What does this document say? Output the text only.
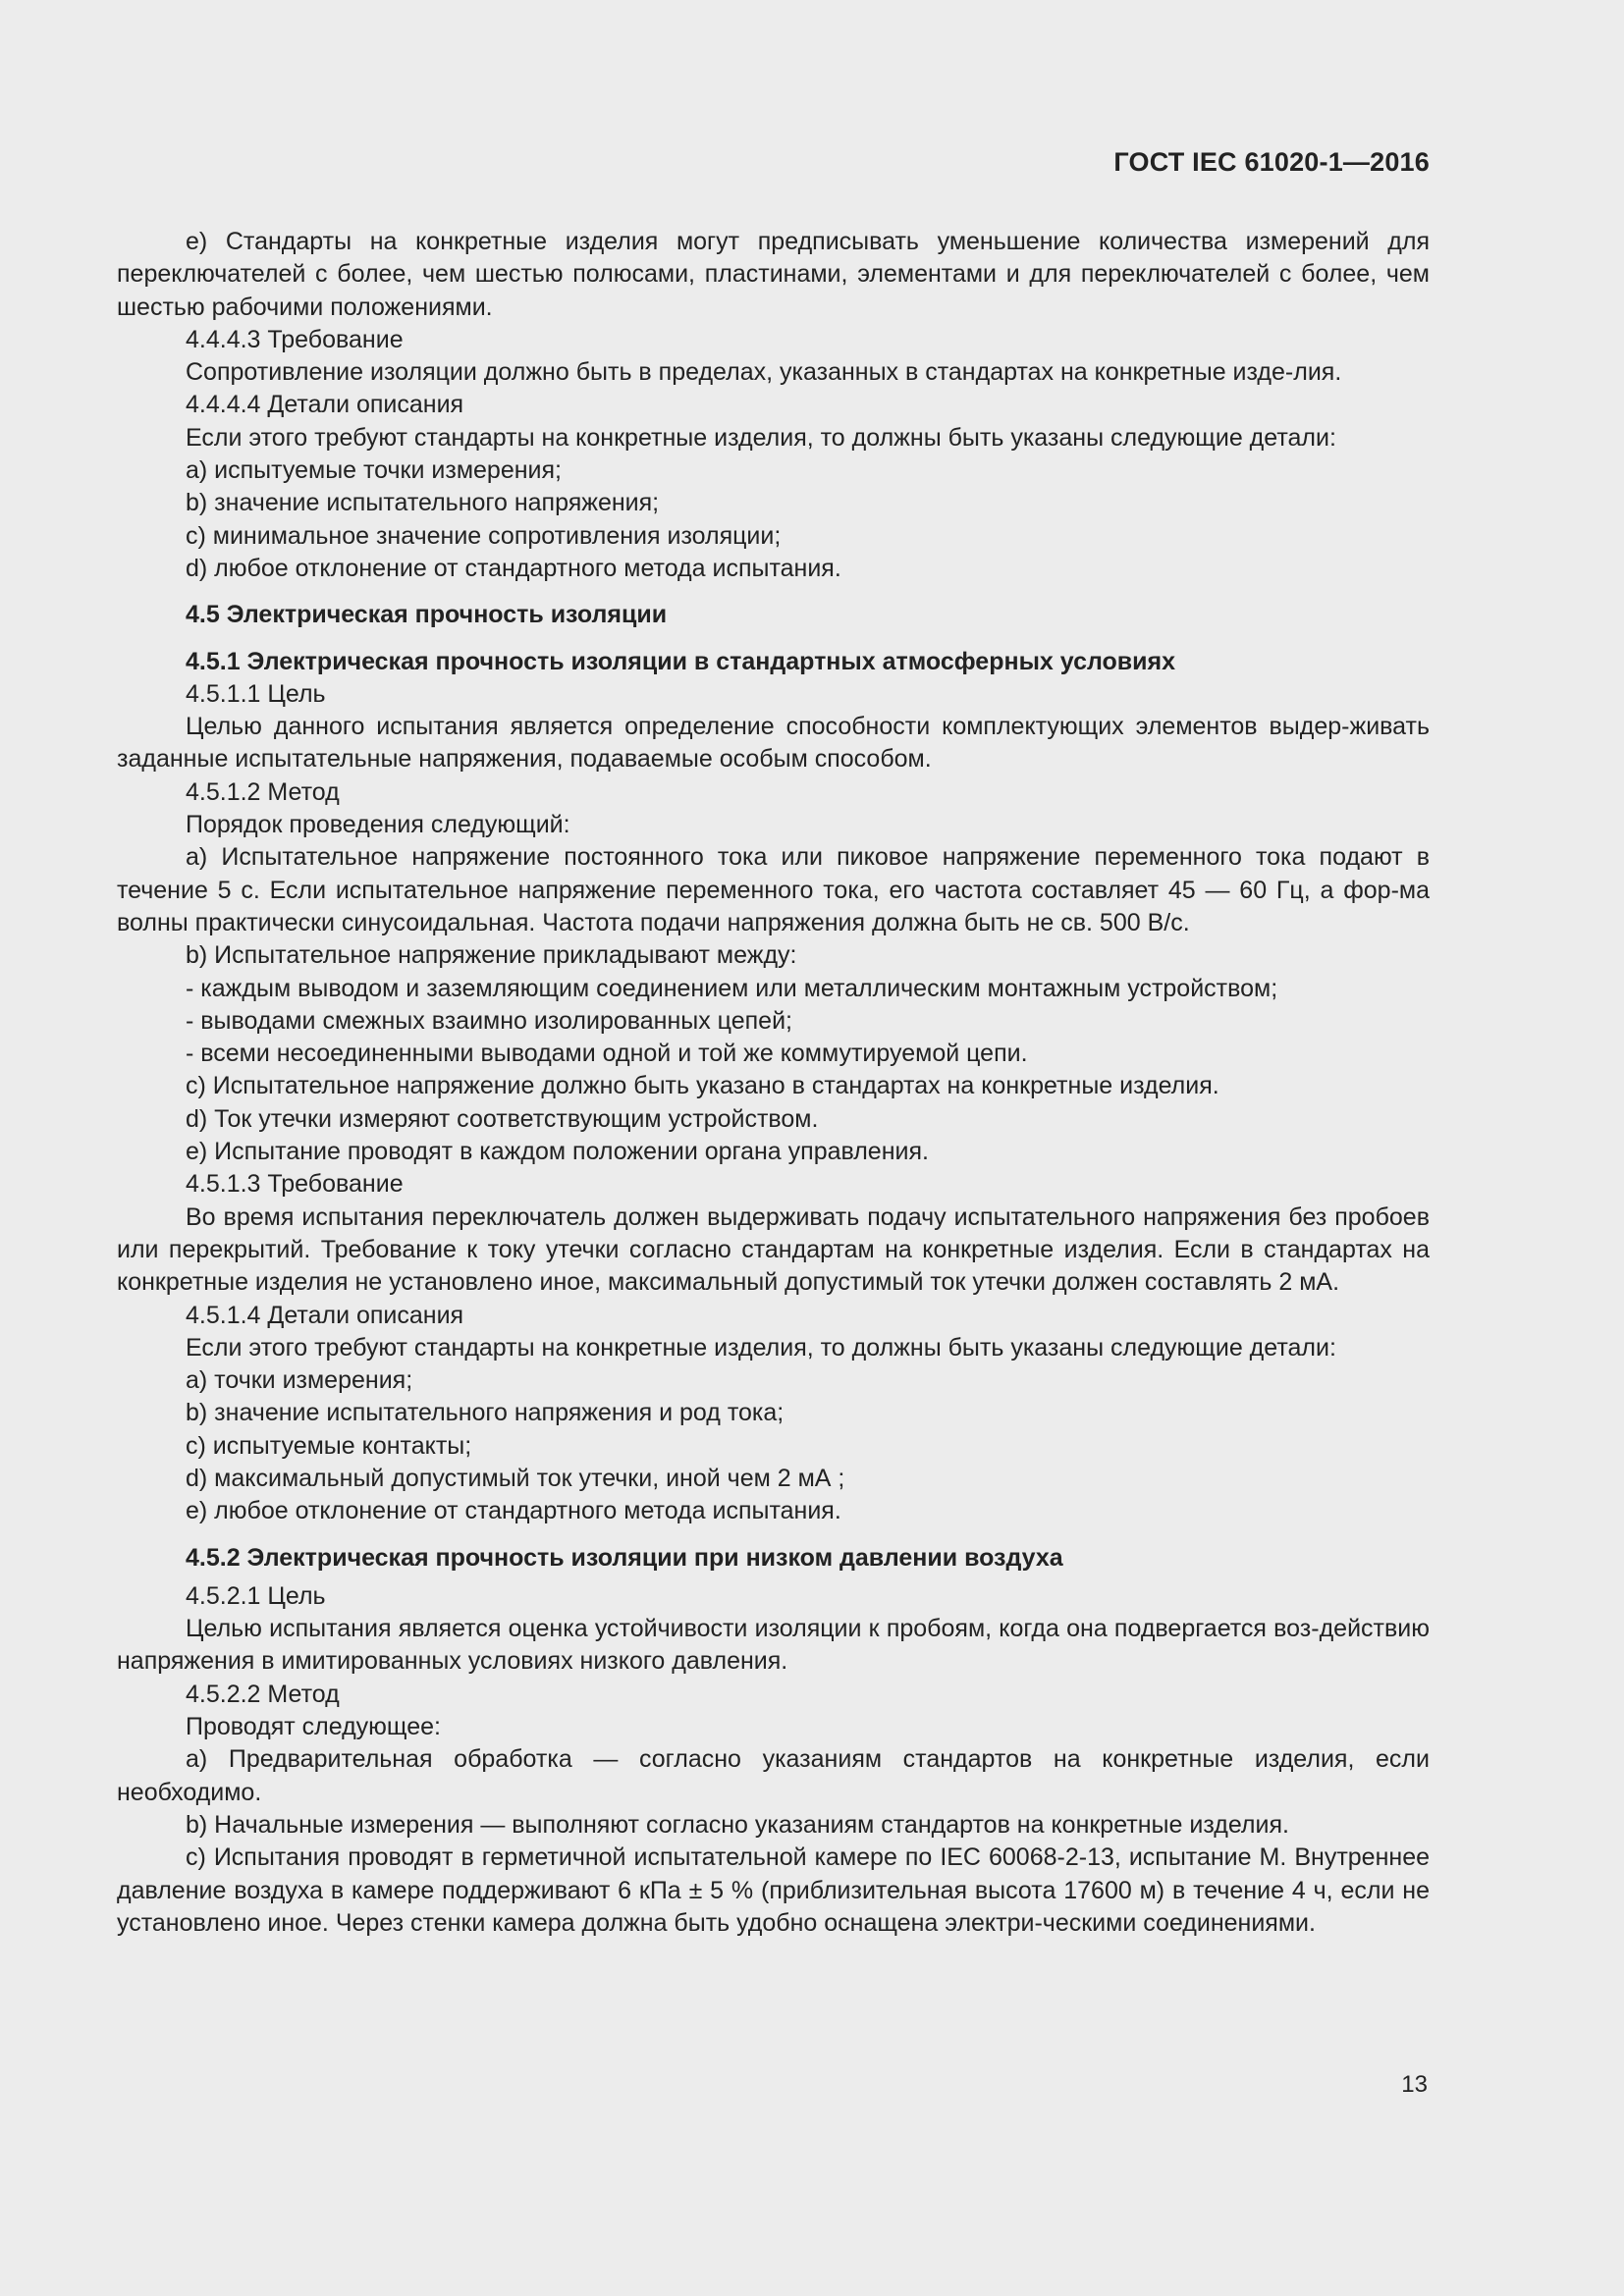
ГОСТ IEC 61020-1—2016

е) Стандарты на конкретные изделия могут предписывать уменьшение количества измерений для переключателей с более, чем шестью полюсами, пластинами, элементами и для переключателей с более, чем шестью рабочими положениями.

4.4.4.3 Требование

Сопротивление изоляции должно быть в пределах, указанных в стандартах на конкретные изде-лия.

4.4.4.4 Детали описания

Если этого требуют стандарты на конкретные изделия, то должны быть указаны следующие детали:

a) испытуемые точки измерения;

b) значение испытательного напряжения;

c) минимальное значение сопротивления изоляции;

d) любое отклонение от стандартного метода испытания.

4.5 Электрическая прочность изоляции

4.5.1 Электрическая прочность изоляции в стандартных атмосферных условиях

4.5.1.1 Цель

Целью данного испытания является определение способности комплектующих элементов выдер-живать заданные испытательные напряжения, подаваемые особым способом.

4.5.1.2 Метод

Порядок проведения следующий:

a) Испытательное напряжение постоянного тока или пиковое напряжение переменного тока подают в течение 5 с. Если испытательное напряжение переменного тока, его частота составляет 45 — 60 Гц, а фор-ма волны практически синусоидальная. Частота подачи напряжения должна быть не св. 500 В/с.

b) Испытательное напряжение прикладывают между:

- каждым выводом и заземляющим соединением или металлическим монтажным устройством;

- выводами смежных взаимно изолированных цепей;

- всеми несоединенными выводами одной и той же коммутируемой цепи.

c) Испытательное напряжение должно быть указано в стандартах на конкретные изделия.

d) Ток утечки измеряют соответствующим устройством.

e) Испытание проводят в каждом положении органа управления.

4.5.1.3 Требование

Во время испытания переключатель должен выдерживать подачу испытательного напряжения без пробоев или перекрытий. Требование к току утечки согласно стандартам на конкретные изделия. Если в стандартах на конкретные изделия не установлено иное, максимальный допустимый ток утечки должен составлять 2 мА.

4.5.1.4 Детали описания

Если этого требуют стандарты на конкретные изделия, то должны быть указаны следующие детали:

a) точки измерения;

b) значение испытательного напряжения и род тока;

c) испытуемые контакты;

d) максимальный допустимый ток утечки, иной чем 2 мА ;

e) любое отклонение от стандартного метода испытания.

4.5.2 Электрическая прочность изоляции при низком давлении воздуха

4.5.2.1 Цель

Целью испытания является оценка устойчивости изоляции к пробоям, когда она подвергается воз-действию напряжения в имитированных условиях низкого давления.

4.5.2.2 Метод

Проводят следующее:

a) Предварительная обработка — согласно указаниям стандартов на конкретные изделия, если необходимо.

b) Начальные измерения — выполняют согласно указаниям стандартов на конкретные изделия.

c) Испытания проводят в герметичной испытательной камере по IEC 60068-2-13, испытание M. Внутреннее давление воздуха в камере поддерживают 6 кПа ± 5 % (приблизительная высота 17600 м) в течение 4 ч, если не установлено иное. Через стенки камера должна быть удобно оснащена электри-ческими соединениями.

13
